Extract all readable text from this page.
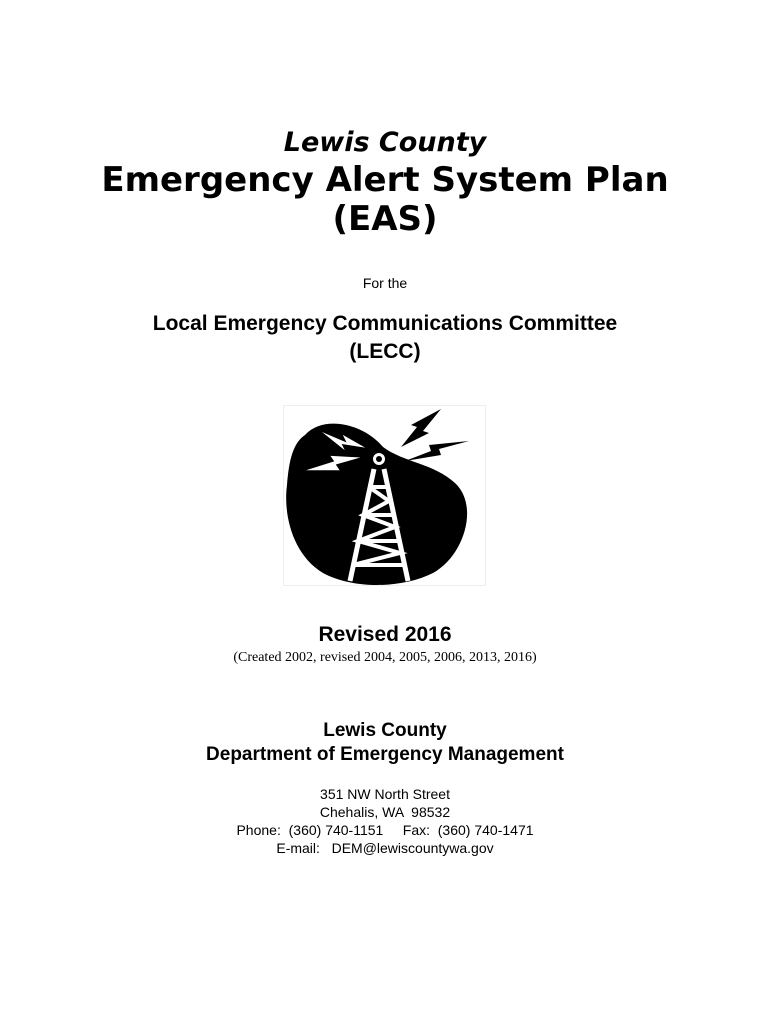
Lewis County
Emergency Alert System Plan
(EAS)
For the
Local Emergency Communications Committee
(LECC)
Revised 2016
(Created 2002, revised 2004, 2005, 2006, 2013, 2016)
Lewis County
Department of Emergency Management
351 NW North Street
Chehalis, WA  98532
Phone:  (360) 740-1151     Fax:  (360) 740-1471
E-mail:   DEM@lewiscountywa.gov
